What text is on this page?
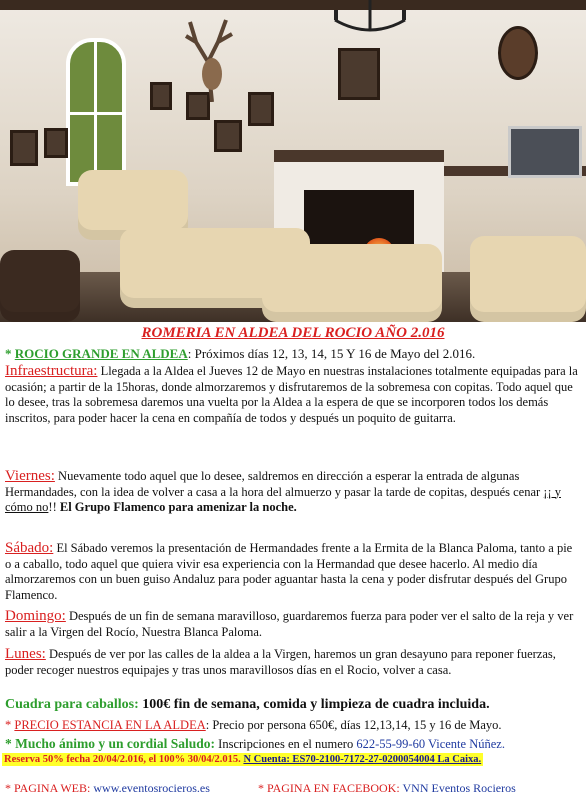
ROMERIA EN ALDEA DEL ROCIO AÑO 2.016
* ROCIO GRANDE EN ALDEA: Próximos días 12, 13, 14, 15 Y 16 de Mayo del 2.016.
Infraestructura: Llegada a la Aldea el Jueves 12 de Mayo en nuestras instalaciones totalmente equipadas para la ocasión; a partir de la 15horas, donde almorzaremos y disfrutaremos de la sobremesa con copitas. Todo aquel que lo desee, tras la sobremesa daremos una vuelta por la Aldea a la espera de que se incorporen todos los demás inscritos, para poder hacer la cena en compañía de todos y después un poquito de guitarra.
Viernes: Nuevamente todo aquel que lo desee, saldremos en dirección a esperar la entrada de algunas Hermandades, con la idea de volver a casa a la hora del almuerzo y pasar la tarde de copitas, después cenar ¡¡ y cómo no!! El Grupo Flamenco para amenizar la noche.
Sábado: El Sábado veremos la presentación de Hermandades frente a la Ermita de la Blanca Paloma, tanto a pie o a caballo, todo aquel que quiera vivir esa experiencia con la Hermandad que desee hacerlo. Al medio día almorzaremos con un buen guiso Andaluz para poder aguantar hasta la cena y poder disfrutar después del Grupo Flamenco.
Domingo: Después de un fin de semana maravilloso, guardaremos fuerza para poder ver el salto de la reja y ver salir a la Virgen del Rocío, Nuestra Blanca Paloma.
Lunes: Después de ver por las calles de la aldea a la Virgen, haremos un gran desayuno para reponer fuerzas, poder recoger nuestros equipajes y tras unos maravillosos días en el Rocio, volver a casa.
Cuadra para caballos: 100€ fin de semana, comida y limpieza de cuadra incluida.
* PRECIO ESTANCIA EN LA ALDEA: Precio por persona 650€, días 12,13,14, 15 y 16 de Mayo.
* Mucho ánimo y un cordial Saludo: Inscripciones en el numero 622-55-99-60 Vicente Núñez.
Reserva 50% fecha 20/04/2.016, el 100% 30/04/2.015. N Cuenta: ES70-2100-7172-27-0200054004 La Caixa.
* PAGINA WEB: www.eventosrocieros.es	* PAGINA EN FACEBOOK: VNN Eventos Rocieros
